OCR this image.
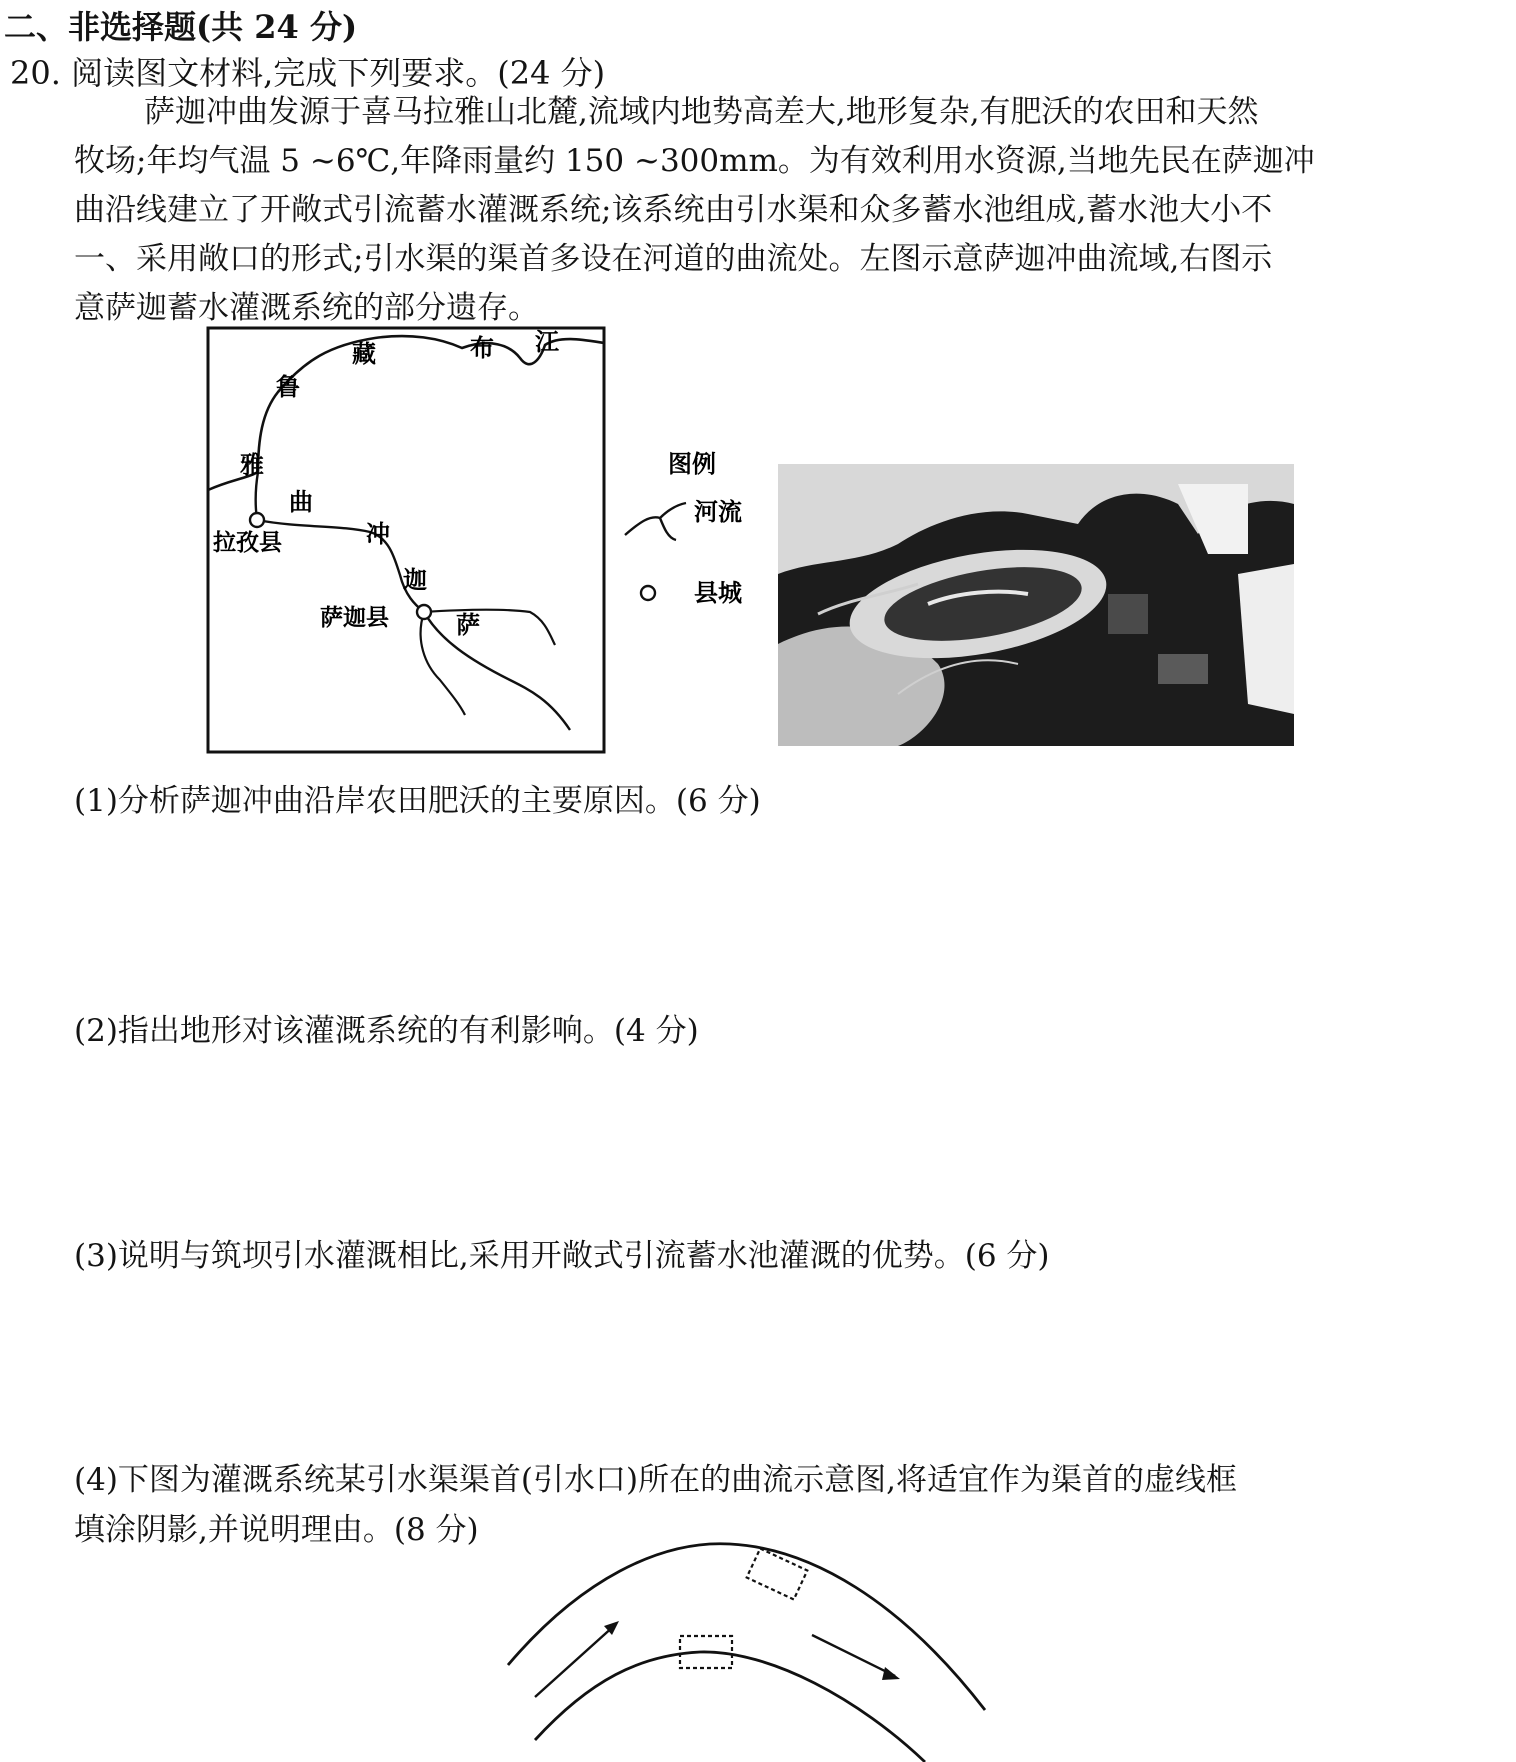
二、非选择题(共 24 分)
20. 阅读图文材料,完成下列要求。(24 分)

萨迦冲曲发源于喜马拉雅山北麓,流域内地势高差大,地形复杂,有肥沃的农田和天然

牧场;年均气温 5 ~6℃,年降雨量约 150 ~300mm。为有效利用水资源,当地先民在萨迦冲

曲沿线建立了开敞式引流蓄水灌溉系统;该系统由引水渠和众多蓄水池组成,蓄水池大小不

一、采用敞口的形式;引水渠的渠首多设在河道的曲流处。左图示意萨迦冲曲流域,右图示

意萨迦蓄水灌溉系统的部分遗存。

雅
鲁
藏	布 江
曲
冲
迦
萨
拉孜县
萨迦县
图例
河流
县城
(1)分析萨迦冲曲沿岸农田肥沃的主要原因。(6 分)
(2)指出地形对该灌溉系统的有利影响。(4 分)
(3)说明与筑坝引水灌溉相比,采用开敞式引流蓄水池灌溉的优势。(6 分)
(4)下图为灌溉系统某引水渠渠首(引水口)所在的曲流示意图,将适宜作为渠首的虚线框
填涂阴影,并说明理由。(8 分)
